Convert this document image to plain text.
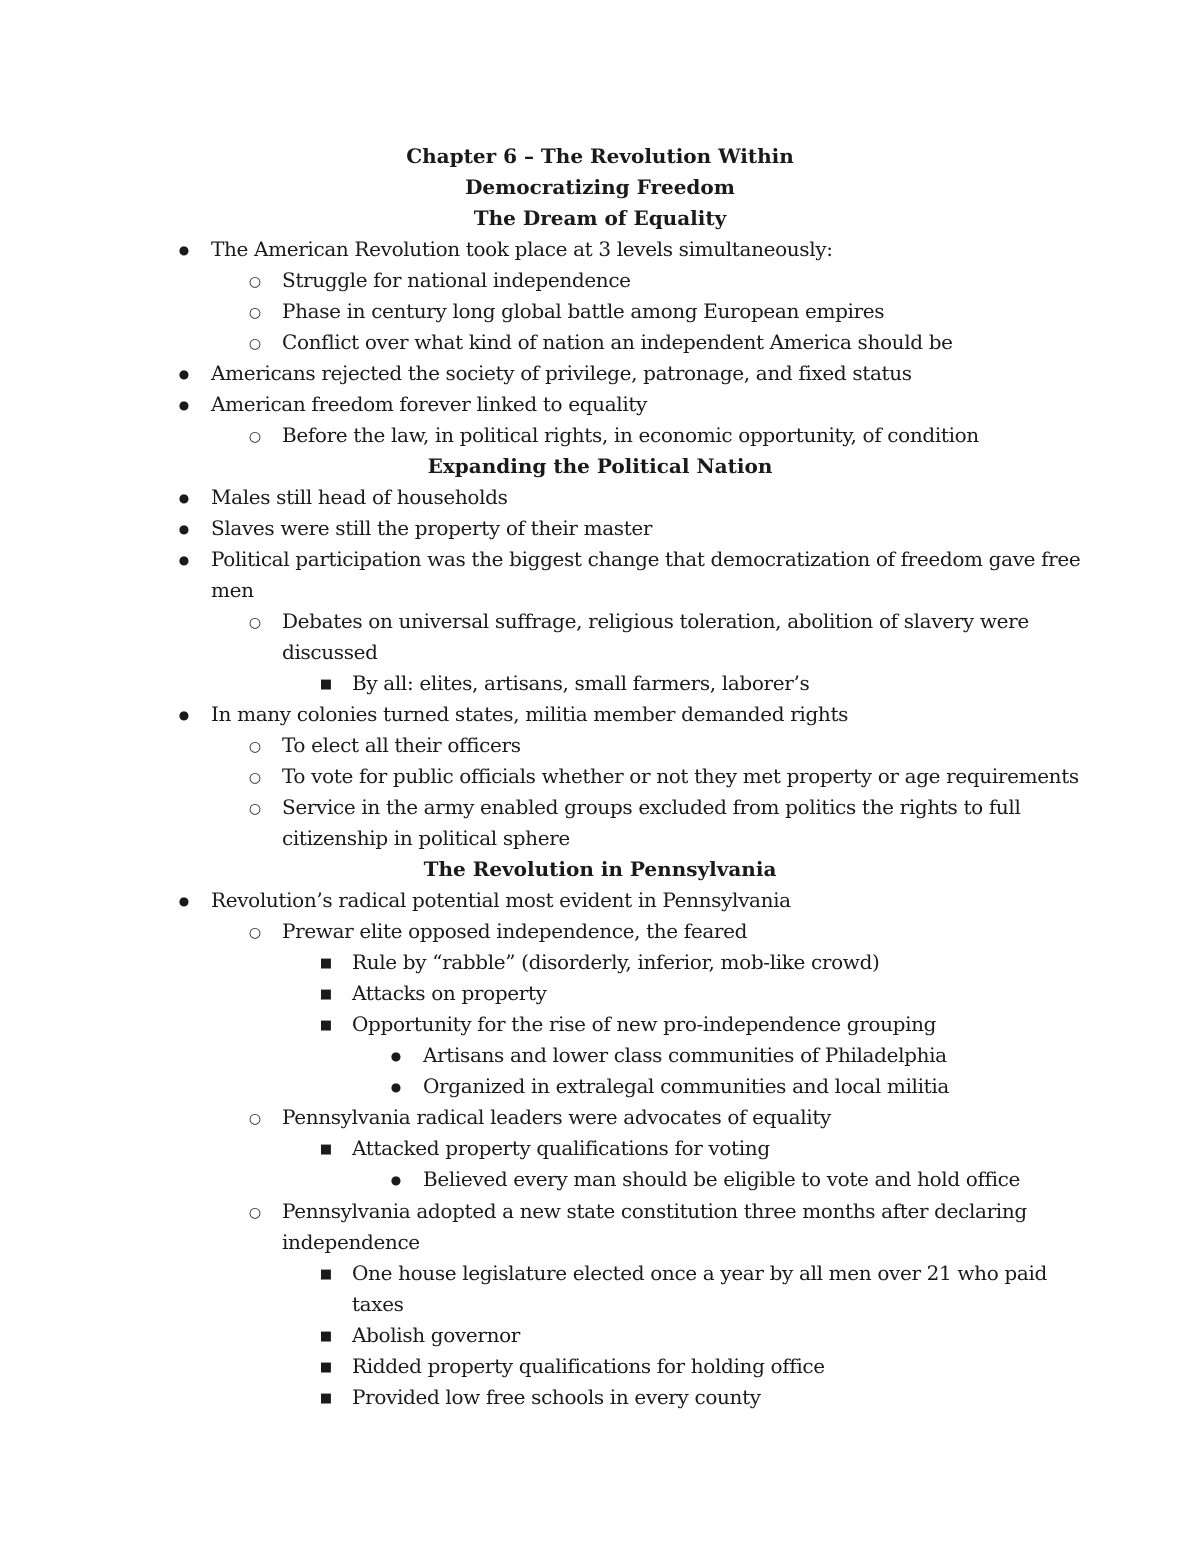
Chapter 6 – The Revolution Within
Democratizing Freedom
The Dream of Equality
●
The American Revolution took place at 3 levels simultaneously:
○
Struggle for national independence
○
Phase in century long global battle among European empires
○
Conflict over what kind of nation an independent America should be
●
Americans rejected the society of privilege, patronage, and fixed status
●
American freedom forever linked to equality
○
Before the law, in political rights, in economic opportunity, of condition
Expanding the Political Nation
●
Males still head of households
●
Slaves were still the property of their master
●
Political participation was the biggest change that democratization of freedom gave free
men
○
Debates on universal suffrage, religious toleration, abolition of slavery were
discussed
■
By all: elites, artisans, small farmers, laborer’s
●
In many colonies turned states, militia member demanded rights
○
To elect all their officers
○
To vote for public officials whether or not they met property or age requirements
○
Service in the army enabled groups excluded from politics the rights to full
citizenship in political sphere
The Revolution in Pennsylvania
●
Revolution’s radical potential most evident in Pennsylvania
○
Prewar elite opposed independence, the feared
■
Rule by “rabble” (disorderly, inferior, mob-like crowd)
■
Attacks on property
■
Opportunity for the rise of new pro-independence grouping
●
Artisans and lower class communities of Philadelphia
●
Organized in extralegal communities and local militia
○
Pennsylvania radical leaders were advocates of equality
■
Attacked property qualifications for voting
●
Believed every man should be eligible to vote and hold office
○
Pennsylvania adopted a new state constitution three months after declaring
independence
■
One house legislature elected once a year by all men over 21 who paid
taxes
■
Abolish governor
■
Ridded property qualifications for holding office
■
Provided low free schools in every county
